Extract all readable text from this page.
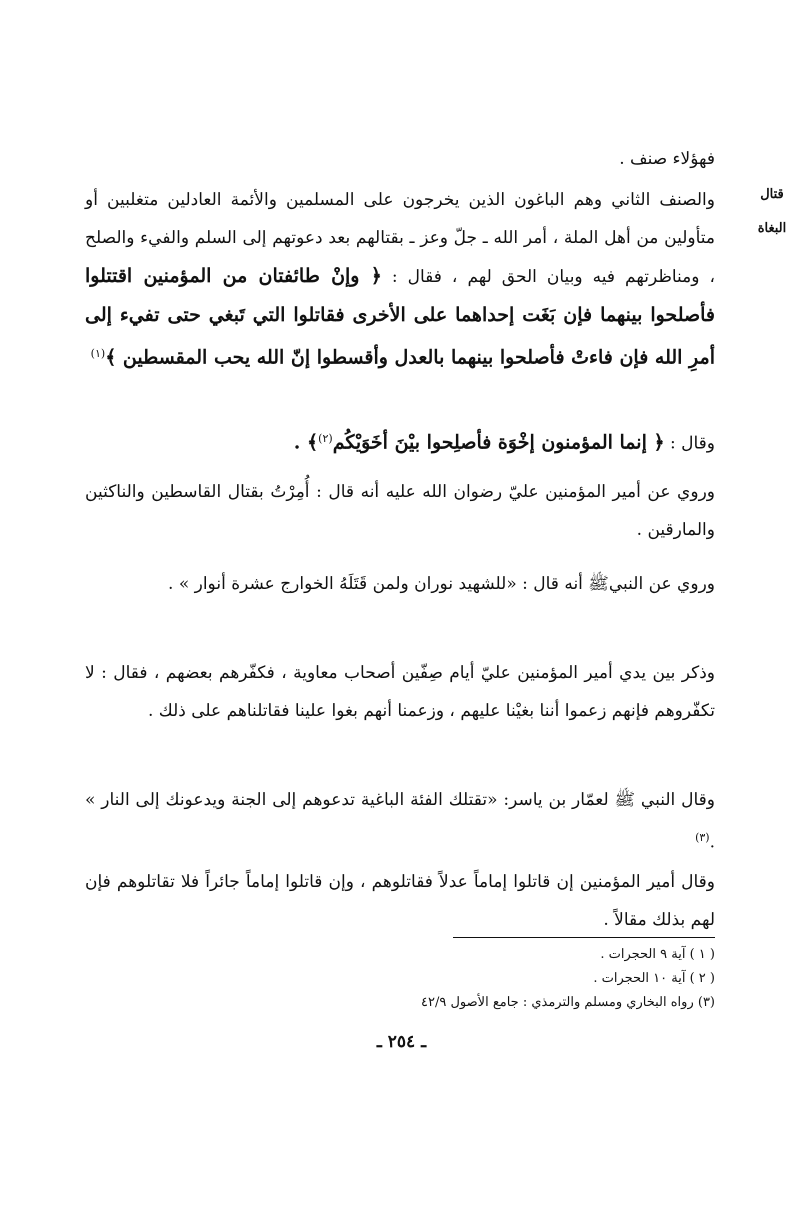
قتال
البغاة

فهؤلاء صنف .

والصنف الثاني وهم الباغون الذين يخرجون على المسلمين والأئمة العادلين متغلبين أو متأولين من أهل الملة ، أمر الله ـ جلّ وعز ـ بقتالهم بعد دعوتهم إلى السلم والفيء والصلح ، ومناظرتهم فيه وبيان الحق لهم ، فقال : ﴿ وإنْ طائفتان من المؤمنين اقتتلوا فأصلحوا بينهما فإن بَغَت إحداهما على الأخرى فقاتلوا التي تَبغي حتى تفيء إلى أمرِ الله فإن فاءتْ فأصلحوا بينهما بالعدل وأقسطوا إنّ الله يحب المقسطين ﴾$^{(١)}$

وقال : ﴿ إنما المؤمنون إخْوَة فأصلِحوا بيْنَ أخَوَيْكُم$^{(٢)}$﴾ .

وروي عن أمير المؤمنين عليّ رضوان الله عليه أنه قال : أُمِرْتُ بقتال القاسطين والناكثين والمارقين .

وروي عن النبيﷺ أنه قال : «للشهيد نوران ولمن قَتَلَهُ الخوارج عشرة أنوار » .

وذكر بين يدي أمير المؤمنين عليّ أيام صِفّين أصحاب معاوية ، فكفّرهم بعضهم ، فقال : لا تكفّروهم فإنهم زعموا أننا بغيْنا عليهم ، وزعمنا أنهم بغوا علينا فقاتلناهم على ذلك .

وقال النبي ﷺ لعمّار بن ياسر: «تقتلك الفئة الباغية تدعوهم إلى الجنة ويدعونك إلى النار » .$^{(٣)}$

وقال أمير المؤمنين إن قاتلوا إماماً عدلاً فقاتلوهم ، وإن قاتلوا إماماً جائراً فلا تقاتلوهم فإن لهم بذلك مقالاً .

( ١ ) آية ٩ الحجرات .
( ٢ ) آية ١٠ الحجرات .
(٣) رواه البخاري ومسلم والترمذي : جامع الأصول ٤٢/٩
ـ ٢٥٤ ـ
